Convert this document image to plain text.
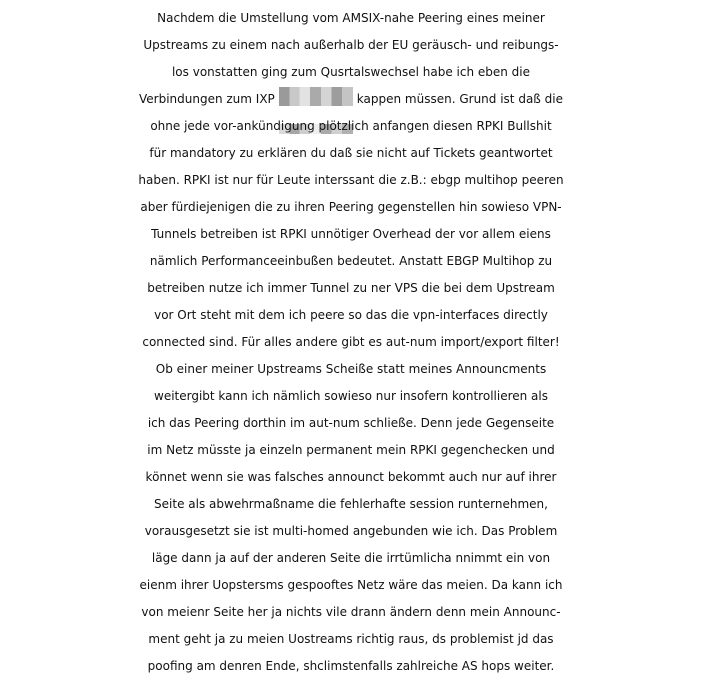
Nachdem die Umstellung vom AMSIX-nahe Peering eines meiner
Upstreams zu einem nach außerhalb der EU geräusch- und reibungs-
los vonstatten ging zum Qusrtalswechsel habe ich eben die
Verbindungen zum IXP	kappen müssen. Grund ist daß die
ohne jede vor-ankündigung plötzlich anfangen diesen RPKI Bullshit
für mandatory zu erklären du daß sie nicht auf Tickets geantwortet
haben. RPKI ist nur für Leute interssant die z.B.: ebgp multihop peeren
aber fürdiejenigen die zu ihren Peering gegenstellen hin sowieso VPN-
Tunnels betreiben ist RPKI unnötiger Overhead der vor allem eiens
nämlich Performanceeinbußen bedeutet. Anstatt EBGP Multihop zu
betreiben nutze ich immer Tunnel zu ner VPS die bei dem Upstream
vor Ort steht mit dem ich peere so das die vpn-interfaces directly
connected sind. Für alles andere gibt es aut-num import/export filter!
Ob einer meiner Upstreams Scheiße statt meines Announcments
weitergibt kann ich nämlich sowieso nur insofern kontrollieren als
ich das Peering dorthin im aut-num schließe. Denn jede Gegenseite
im Netz müsste ja einzeln permanent mein RPKI gegenchecken und
könnet wenn sie was falsches announct bekommt auch nur auf ihrer
Seite als abwehrmaßname die fehlerhafte session runternehmen,
vorausgesetzt sie ist multi-homed angebunden wie ich. Das Problem
läge dann ja auf der anderen Seite die irrtümlicha nnimmt ein von
eienm ihrer Uopstersms gespooftes Netz wäre das meien. Da kann ich
von meienr Seite her ja nichts vile drann ändern denn mein Announc-
ment geht ja zu meien Uostreams richtig raus, ds problemist jd das
poofing am denren Ende, shclimstenfalls zahlreiche AS hops weiter.
